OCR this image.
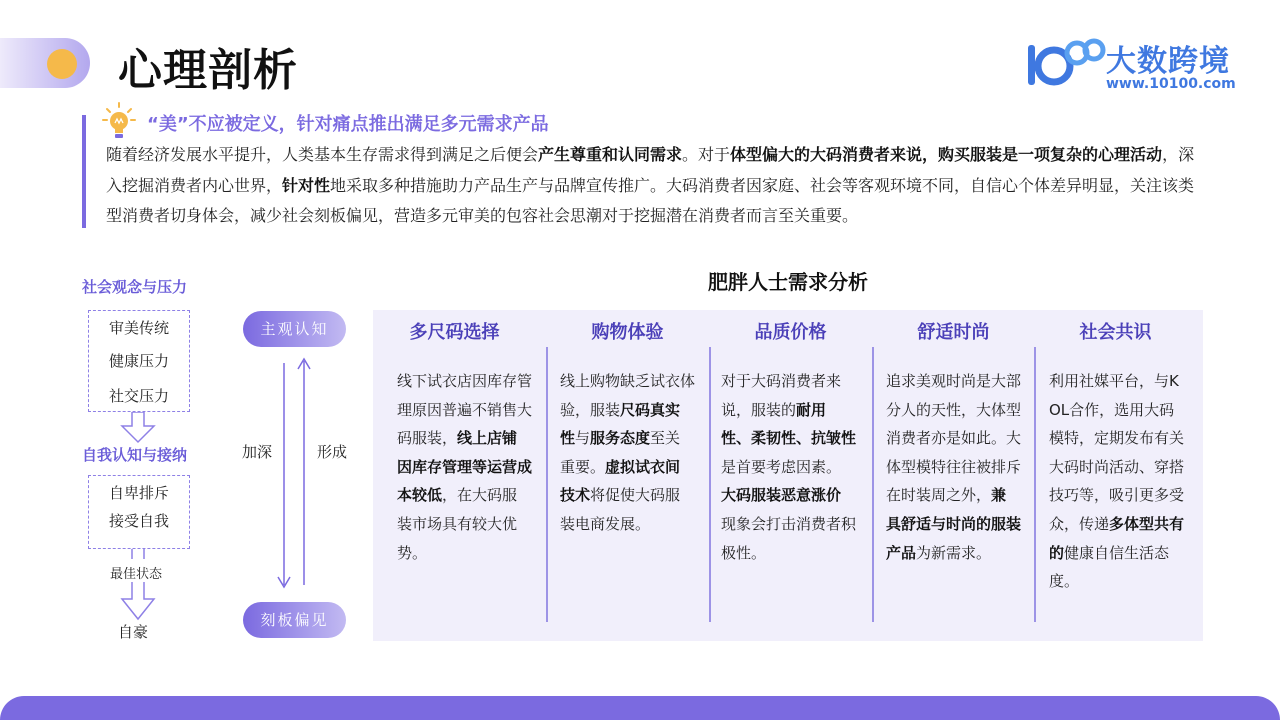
心理剖析	大数跨境
www.10100.com
“美”不应被定义，针对痛点推出满足多元需求产品

随着经济发展水平提升，人类基本生存需求得到满足之后便会产生尊重和认同需求。对于体型偏大的大码消费者来说，购买服装是一项复杂的心理活动，深入挖掘消费者内心世界，针对性地采取多种措施助力产品生产与品牌宣传推广。大码消费者因家庭、社会等客观环境不同，自信心个体差异明显，关注该类型消费者切身体会，减少社会刻板偏见，营造多元审美的包容社会思潮对于挖掘潜在消费者而言至关重要。

社会观念与压力
审美传统
健康压力
社交压力
自我认知与接纳
自卑排斥
接受自我
最佳状态
自豪
主观认知
刻板偏见
加深	形成
肥胖人士需求分析
多尺码选择

线下试衣店因库存管理原因普遍不销售大码服装，线上店铺因库存管理等运营成本较低，在大码服装市场具有较大优势。

购物体验

线上购物缺乏试衣体验，服装尺码真实性与服务态度至关重要。虚拟试衣间技术将促使大码服装电商发展。

品质价格

对于大码消费者来说，服装的耐用性、柔韧性、抗皱性是首要考虑因素。大码服装恶意涨价现象会打击消费者积极性。

舒适时尚

追求美观时尚是大部分人的天性，大体型消费者亦是如此。大体型模特往往被排斥在时装周之外，兼具舒适与时尚的服装产品为新需求。

社会共识

利用社媒平台，与KOL合作，选用大码模特，定期发布有关大码时尚活动、穿搭技巧等，吸引更多受众，传递多体型共有的健康自信生活态度。
